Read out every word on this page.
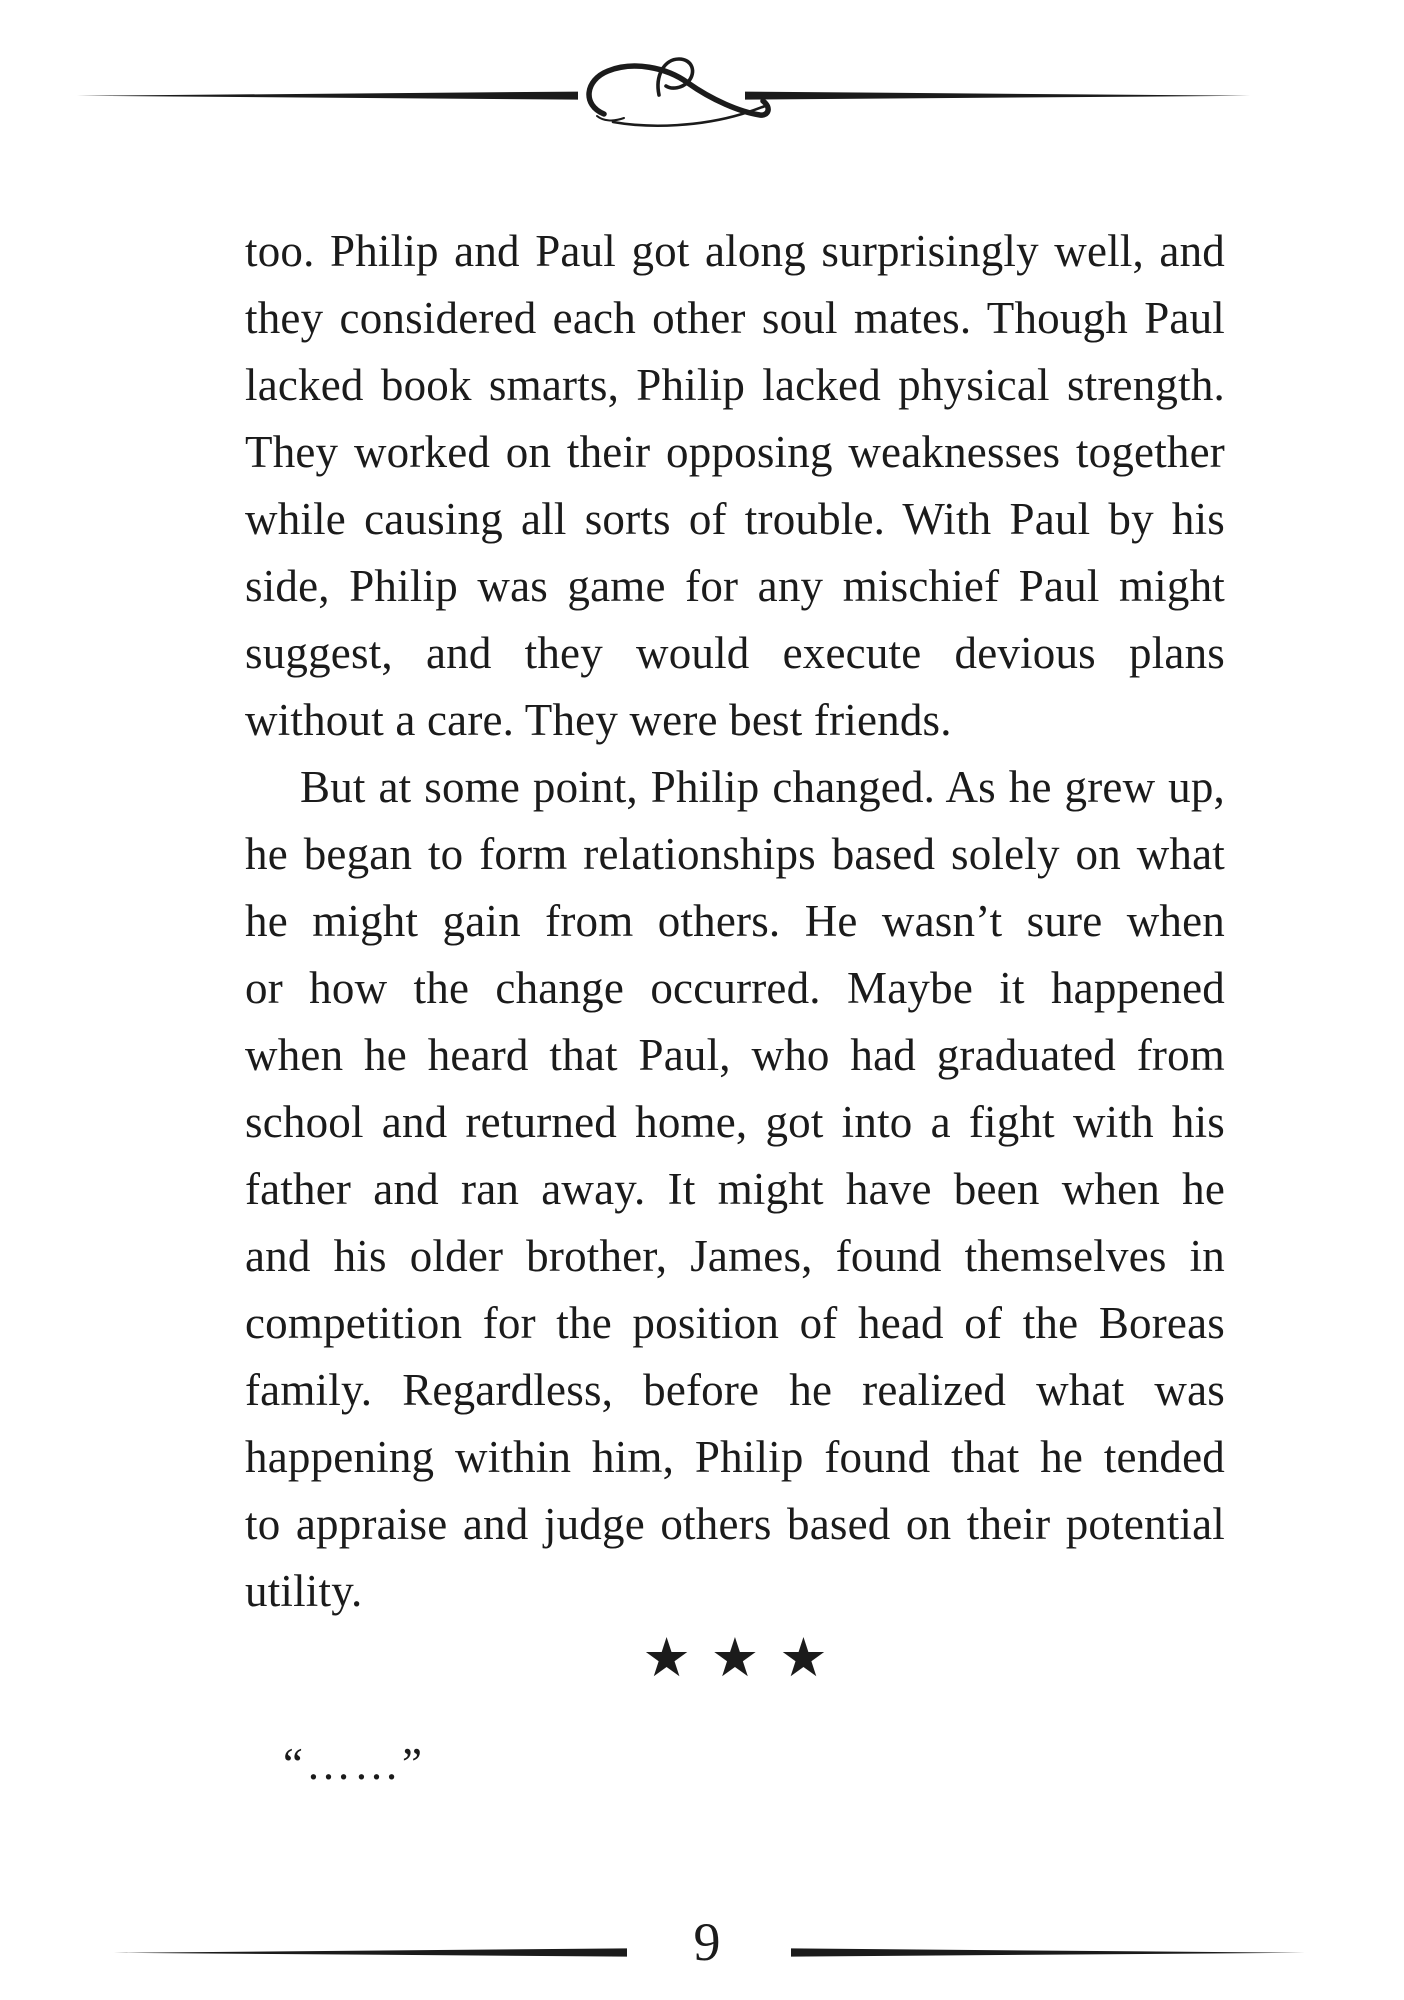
too. Philip and Paul got along surprisingly well, and
they considered each other soul mates. Though Paul
lacked book smarts, Philip lacked physical strength.
They worked on their opposing weaknesses together
while causing all sorts of trouble. With Paul by his
side, Philip was game for any mischief Paul might
suggest, and they would execute devious plans
without a care. They were best friends.
But at some point, Philip changed. As he grew up,
he began to form relationships based solely on what
he might gain from others. He wasn’t sure when
or how the change occurred. Maybe it happened
when he heard that Paul, who had graduated from
school and returned home, got into a fight with his
father and ran away. It might have been when he
and his older brother, James, found themselves in
competition for the position of head of the Boreas
family. Regardless, before he realized what was
happening within him, Philip found that he tended
to appraise and judge others based on their potential
utility.
★ ★ ★
“……”
9
